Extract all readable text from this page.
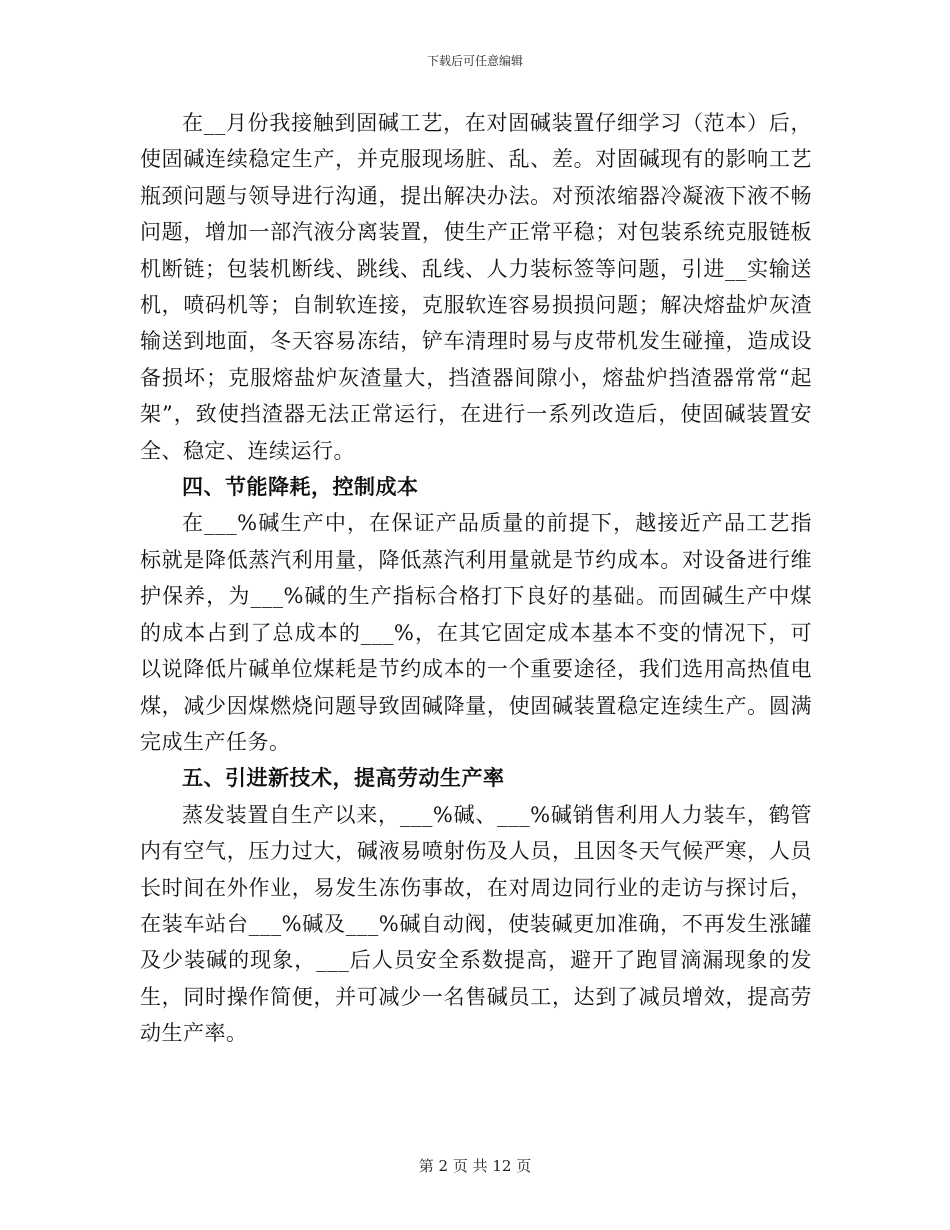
下载后可任意编辑

在__月份我接触到固碱工艺，在对固碱装置仔细学习（范本）后，使固碱连续稳定生产，并克服现场脏、乱、差。对固碱现有的影响工艺瓶颈问题与领导进行沟通，提出解决办法。对预浓缩器冷凝液下液不畅问题，增加一部汽液分离装置，使生产正常平稳；对包装系统克服链板机断链；包装机断线、跳线、乱线、人力装标签等问题，引进__实输送机，喷码机等；自制软连接，克服软连容易损损问题；解决熔盐炉灰渣输送到地面，冬天容易冻结，铲车清理时易与皮带机发生碰撞，造成设备损坏；克服熔盐炉灰渣量大，挡渣器间隙小，熔盐炉挡渣器常常“起架”，致使挡渣器无法正常运行，在进行一系列改造后，使固碱装置安全、稳定、连续运行。

四、节能降耗，控制成本

在___%碱生产中，在保证产品质量的前提下，越接近产品工艺指标就是降低蒸汽利用量，降低蒸汽利用量就是节约成本。对设备进行维护保养，为___%碱的生产指标合格打下良好的基础。而固碱生产中煤的成本占到了总成本的___%，在其它固定成本基本不变的情况下，可以说降低片碱单位煤耗是节约成本的一个重要途径，我们选用高热值电煤，减少因煤燃烧问题导致固碱降量，使固碱装置稳定连续生产。圆满完成生产任务。

五、引进新技术，提高劳动生产率

蒸发装置自生产以来，___%碱、___%碱销售利用人力装车，鹤管内有空气，压力过大，碱液易喷射伤及人员，且因冬天气候严寒，人员长时间在外作业，易发生冻伤事故，在对周边同行业的走访与探讨后，在装车站台___%碱及___%碱自动阀，使装碱更加准确，不再发生涨罐及少装碱的现象，___后人员安全系数提高，避开了跑冒滴漏现象的发生，同时操作简便，并可减少一名售碱员工，达到了减员增效，提高劳动生产率。

第 2 页 共 12 页
